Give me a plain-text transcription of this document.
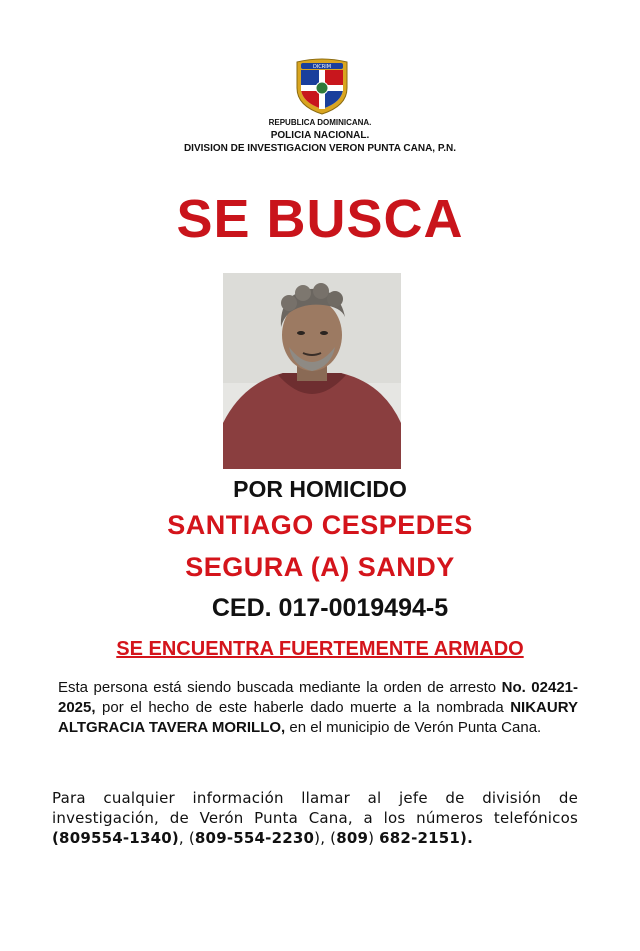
DICRIM
REPUBLICA DOMINICANA.
POLICIA NACIONAL.
DIVISION DE INVESTIGACION VERON PUNTA CANA, P.N.
SE BUSCA
POR HOMICIDO
SANTIAGO CESPEDES
SEGURA (A) SANDY
CED. 017-0019494-5
SE ENCUENTRA FUERTEMENTE ARMADO
Esta persona está siendo buscada mediante la orden de arresto No. 02421-2025, por el hecho de este haberle dado muerte a la nombrada NIKAURY ALTGRACIA TAVERA MORILLO, en el municipio de Verón Punta Cana.
Para cualquier información llamar al jefe de división de investigación, de Verón Punta Cana, a los números telefónicos (809554-1340), (809-554-2230), (809) 682-2151).
